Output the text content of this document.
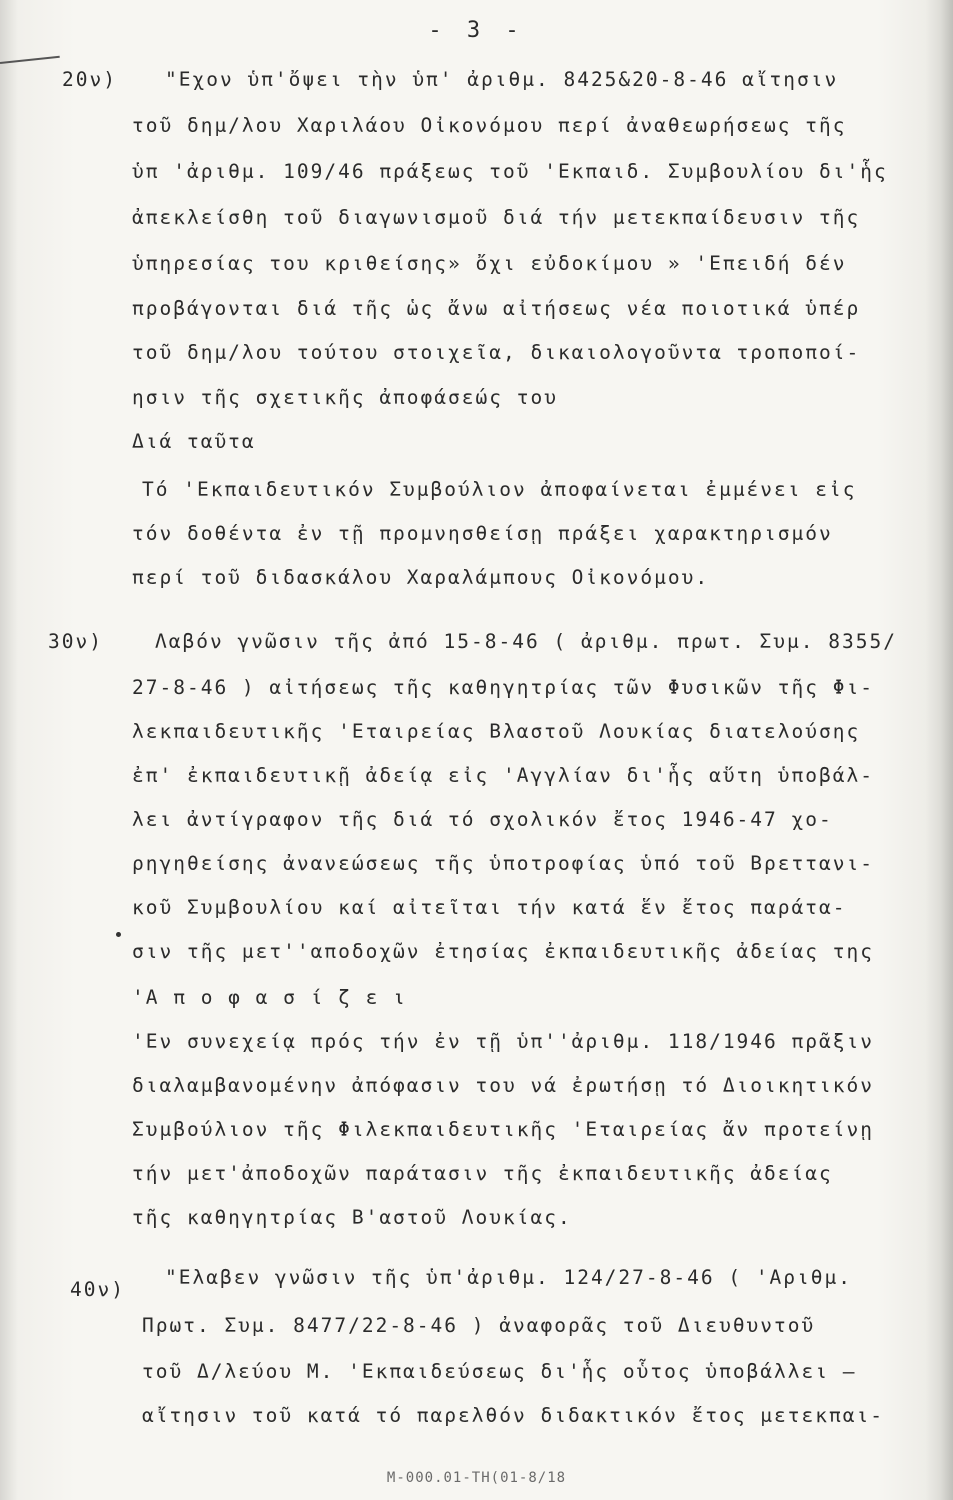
- 3 -
20ν) "Εχον ὑπ'ὄψει τὴν ὑπ' ἀριθμ. 8425&20-8-46 αἴτησιν
τοῦ δημ/λου Χαριλάου Οἰκονόμου περί ἀναθεωρήσεως τῆς
ὑπ 'ἀριθμ. 109/46 πράξεως τοῦ 'Εκπαιδ. Συμβουλίου δι'ἧς
ἀπεκλείσθη τοῦ διαγωνισμοῦ διά τήν μετεκπαίδευσιν τῆς
ὑπηρεσίας του κριθείσης» ὄχι εὐδοκίμου » 'Επειδή δέν
προβάγονται διά τῆς ὡς ἄνω αἰτήσεως νέα ποιοτικά ὑπέρ
τοῦ δημ/λου τούτου στοιχεῖα, δικαιολογοῦντα τροποποί-
ησιν τῆς σχετικῆς ἀποφάσεώς του
Διά ταῦτα
Τό 'Εκπαιδευτικόν Συμβούλιον ἀποφαίνεται ἐμμένει εἰς
τόν δοθέντα ἐν τῇ προμνησθείσῃ πράξει χαρακτηρισμόν
περί τοῦ διδασκάλου Χαραλάμπους Οἰκονόμου.
30ν)	Λαβόν γνῶσιν τῆς ἀπό 15-8-46 ( ἀριθμ. πρωτ. Συμ. 8355/
27-8-46 ) αἰτήσεως τῆς καθηγητρίας τῶν Φυσικῶν τῆς Φι-
λεκπαιδευτικῆς 'Εταιρείας Βλαστοῦ Λουκίας διατελούσης
ἐπ' ἐκπαιδευτικῇ ἀδείᾳ εἰς 'Αγγλίαν δι'ἧς αὕτη ὑποβάλ-
λει ἀντίγραφον τῆς διά τό σχολικόν ἔτος 1946-47 χο-
ρηγηθείσης ἀνανεώσεως τῆς ὑποτροφίας ὑπό τοῦ Βρεττανι-
κοῦ Συμβουλίου καί αἰτεῖται τήν κατά ἕν ἔτος παράτα-
σιν τῆς μετ''αποδοχῶν ἐτησίας ἐκπαιδευτικῆς ἀδείας της
'Α π ο φ α σ ί ζ ε ι
'Εν συνεχείᾳ πρός τήν ἐν τῇ ὑπ''ἀριθμ. 118/1946 πρᾶξιν
διαλαμβανομένην ἀπόφασιν του νά ἐρωτήσῃ τό Διοικητικόν
Συμβούλιον τῆς Φιλεκπαιδευτικῆς 'Εταιρείας ἄν προτείνῃ
τήν μετ'ἀποδοχῶν παράτασιν τῆς ἐκπαιδευτικῆς ἀδείας
τῆς καθηγητρίας Β'αστοῦ Λουκίας.
40ν)
"Ελαβεν γνῶσιν τῆς ὑπ'ἀριθμ. 124/27-8-46 ( 'Αριθμ.
Πρωτ. Συμ. 8477/22-8-46 ) ἀναφορᾶς τοῦ Διευθυντοῦ
τοῦ Δ/λεύου Μ. 'Εκπαιδεύσεως δι'ἧς οὗτος ὑποβάλλει —
αἴτησιν τοῦ κατά τό παρελθόν διδακτικόν ἔτος μετεκπαι-
M-000.01-TH(01-8/18
